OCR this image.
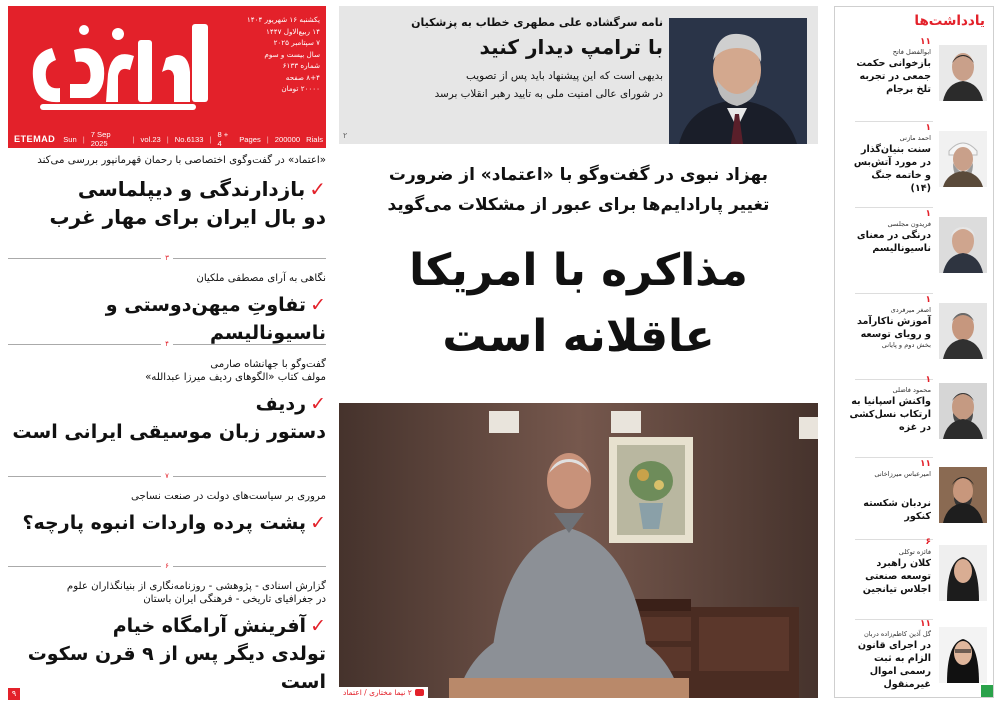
یکشنبه ۱۶ شهریور ۱۴۰۴
۱۴ ربیع‌الاول ۱۴۴۷
۷ سپتامبر ۲۰۲۵
سال بیست و سوم
شماره ۶۱۳۳
۸+۴ صفحه
۲۰۰۰۰ تومان
ETEMAD Sun | 7 Sep 2025	| vol.23 | No.6133 | 8 + 4	Pages | 200000 Rials
«اعتماد» در گفت‌وگوی اختصاصی با رحمان قهرمانپور بررسی می‌کند
✓بازدارندگی و دیپلماسی
دو بال ایران برای مهار غرب
۳
نگاهی به آرای مصطفی ملکیان
✓تفاوتِ میهن‌دوستی و ناسیونالیسم
۴
گفت‌وگو با جهانشاه صارمی
مولف کتاب «الگوهای ردیف میرزا عبدالله»
✓ردیف
دستور زبان موسیقی ایرانی است
۷
مروری بر سیاست‌های دولت در صنعت نساجی
✓پشت پرده واردات انبوه پارچه؟
۶
گزارش اسنادی - پژوهشی - روزنامه‌نگاری از بنیانگذاران علوم
در جغرافیای تاریخی - فرهنگی ایران باستان
✓آفرینش آرامگاه خیام
تولدی دیگر پس از ۹ قرن سکوت است
۹
نامه سرگشاده علی مطهری خطاب به پزشکیان
با ترامپ دیدار کنید
بدیهی است که این پیشنهاد باید پس از تصویب
در شورای عالی امنیت ملی به تایید رهبر انقلاب برسد
۲
بهزاد نبوی در گفت‌وگو با «اعتماد» از ضرورت
تغییر پارادایم‌ها برای عبور از مشکلات می‌گوید
مذاکره با امریکا
عاقلانه است
۲ نیما مختاری / اعتماد
یادداشت‌ها
۱۱
ابوالفضل فاتح
بازخوانی حکمت جمعی در تجربه تلخ برجام
۱
احمد مازنی
سنت بنیان‌گذار در مورد آتش‌بس و خاتمه جنگ (۱۴)
۱
فریدون مجلسی
درنگی در معنای ناسیونالیسم
۱
اصغر میرفردی
آموزش ناکارآمد و رویای توسعه
بخش دوم و پایانی
۱
محمود فاضلی
واکنش اسپانیا به ارتکاب نسل‌کشی در غزه
۱۱
امیرعباس میرزاخانی
نردبان شکسته کنکور
۶
فائزه توکلی
کلان راهبرد توسعه صنعتی اجلاس تیانجین
۱۱
گل آذین کاظم‌زاده دربان
در اجرای قانون الزام به ثبت رسمی اموال غیرمنقول
